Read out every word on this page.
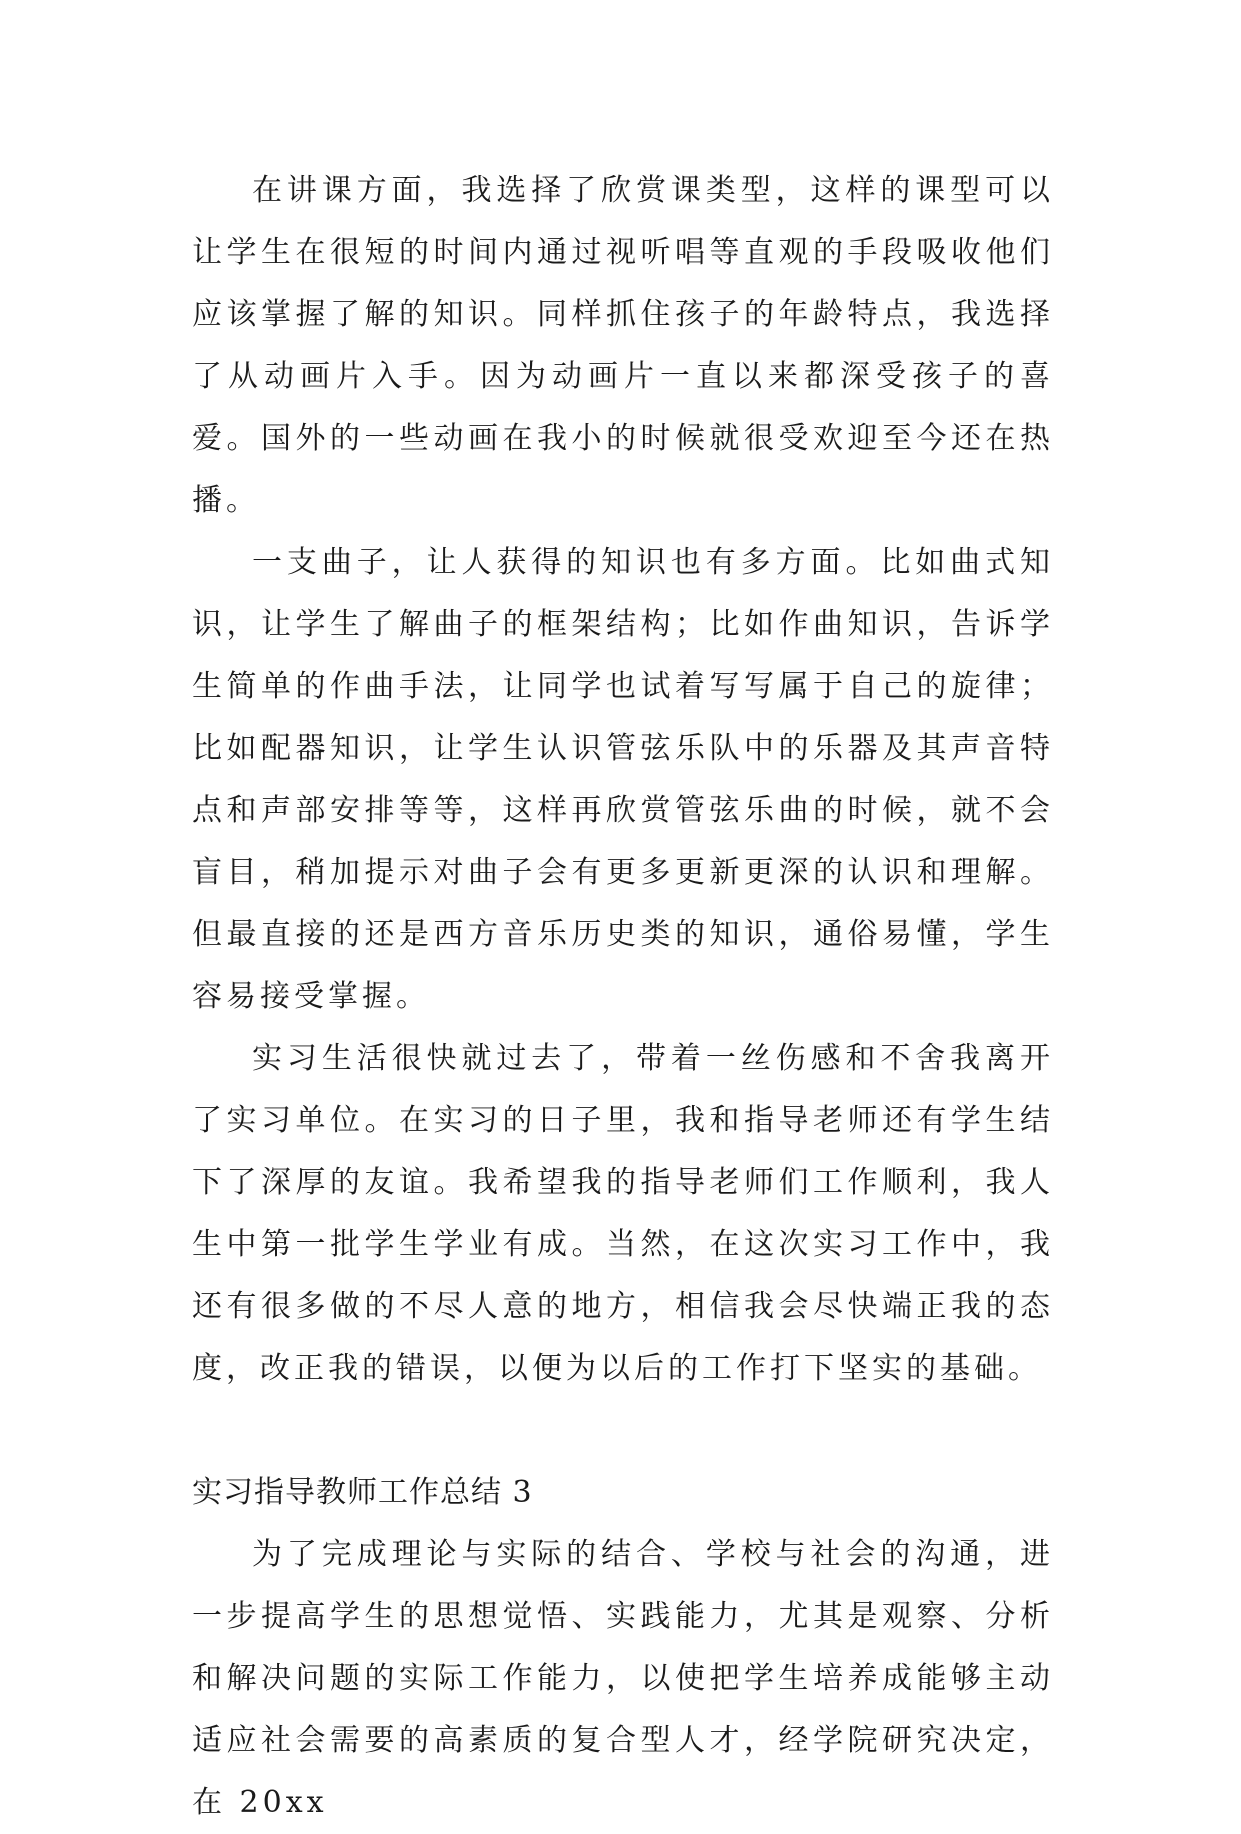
在讲课方面，我选择了欣赏课类型，这样的课型可以让学生在很短的时间内通过视听唱等直观的手段吸收他们应该掌握了解的知识。同样抓住孩子的年龄特点，我选择了从动画片入手。因为动画片一直以来都深受孩子的喜爱。国外的一些动画在我小的时候就很受欢迎至今还在热播。

一支曲子，让人获得的知识也有多方面。比如曲式知识，让学生了解曲子的框架结构；比如作曲知识，告诉学生简单的作曲手法，让同学也试着写写属于自己的旋律；比如配器知识，让学生认识管弦乐队中的乐器及其声音特点和声部安排等等，这样再欣赏管弦乐曲的时候，就不会盲目，稍加提示对曲子会有更多更新更深的认识和理解。但最直接的还是西方音乐历史类的知识，通俗易懂，学生容易接受掌握。

实习生活很快就过去了，带着一丝伤感和不舍我离开了实习单位。在实习的日子里，我和指导老师还有学生结下了深厚的友谊。我希望我的指导老师们工作顺利，我人生中第一批学生学业有成。当然，在这次实习工作中，我还有很多做的不尽人意的地方，相信我会尽快端正我的态度，改正我的错误，以便为以后的工作打下坚实的基础。

实习指导教师工作总结 3

为了完成理论与实际的结合、学校与社会的沟通，进一步提高学生的思想觉悟、实践能力，尤其是观察、分析和解决问题的实际工作能力，以使把学生培养成能够主动适应社会需要的高素质的复合型人才，经学院研究决定，在 20xx
